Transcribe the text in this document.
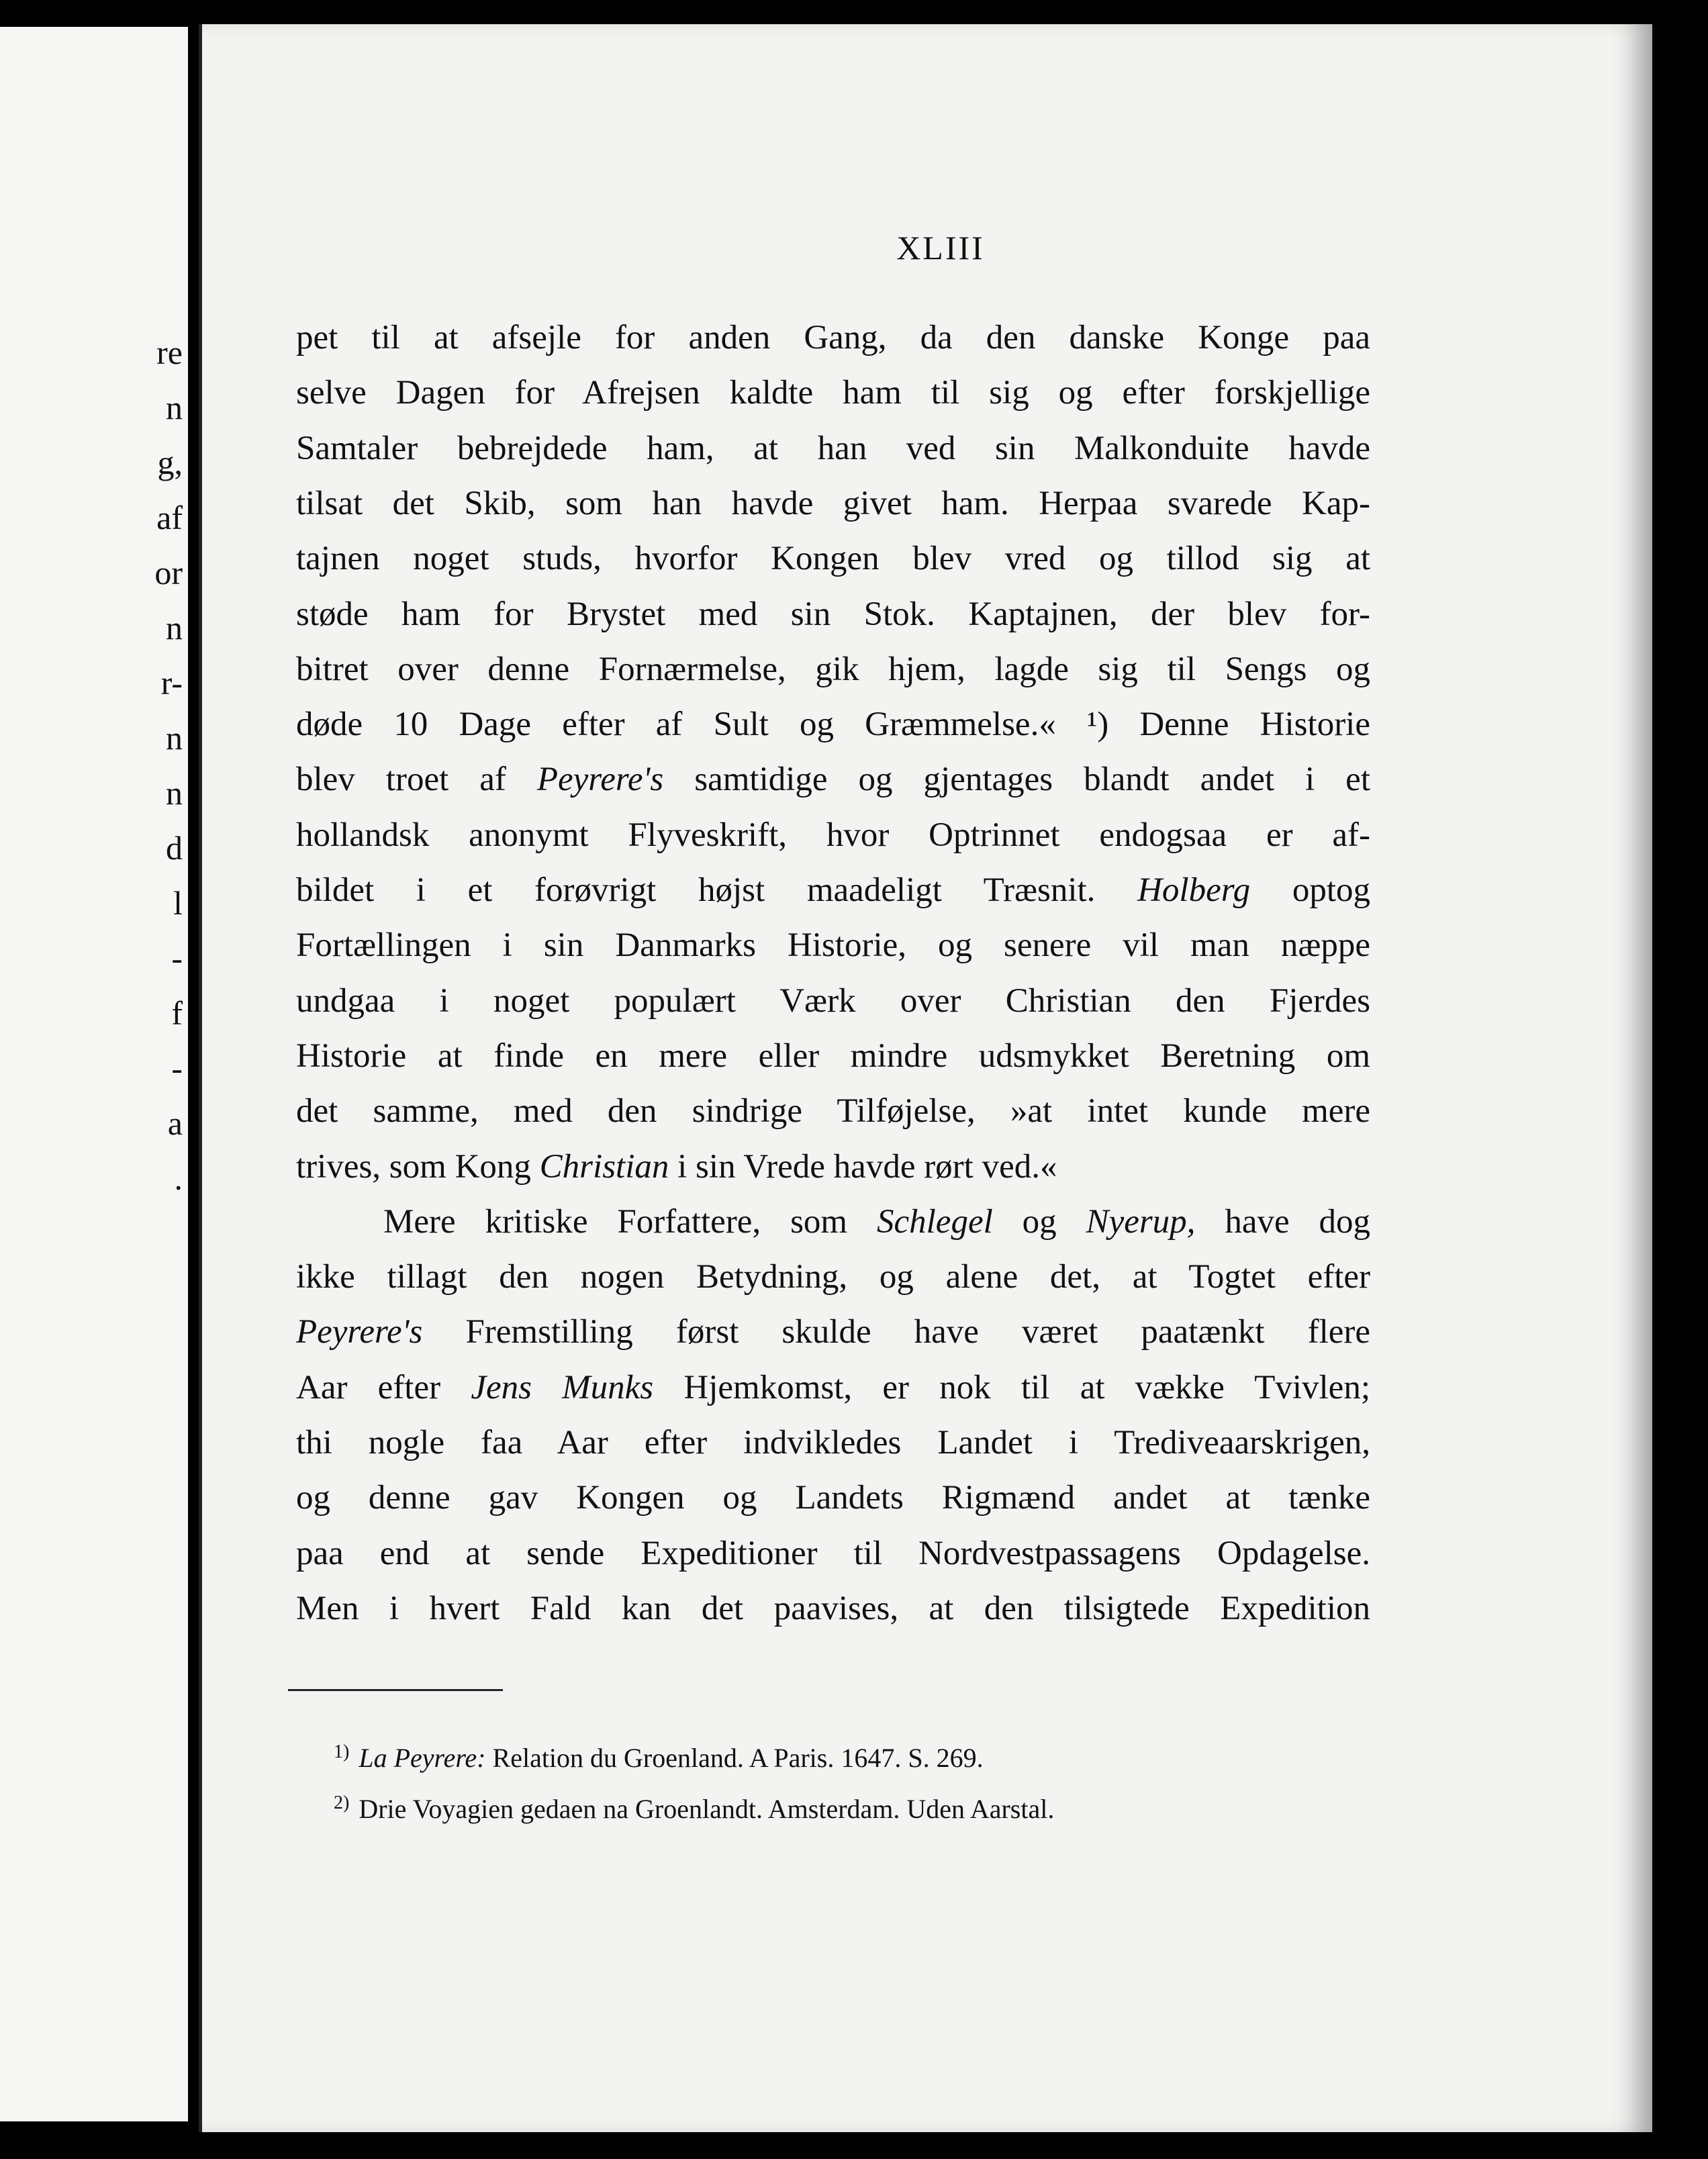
re
n
g,
af
or
n
r-
n
n
d
l
-
f
-
a
.
XLIII
pet til at afsejle for anden Gang, da den danske Konge paa
selve Dagen for Afrejsen kaldte ham til sig og efter forskjellige
Samtaler bebrejdede ham, at han ved sin Malkonduite havde
tilsat det Skib, som han havde givet ham. Herpaa svarede Kap-
tajnen noget studs, hvorfor Kongen blev vred og tillod sig at
støde ham for Brystet med sin Stok. Kaptajnen, der blev for-
bitret over denne Fornærmelse, gik hjem, lagde sig til Sengs og
døde 10 Dage efter af Sult og Græmmelse.« ¹) Denne Historie
blev troet af Peyrere's samtidige og gjentages blandt andet i et
hollandsk anonymt Flyveskrift, hvor Optrinnet endogsaa er af-
bildet i et forøvrigt højst maadeligt Træsnit. Holberg optog
Fortællingen i sin Danmarks Historie, og senere vil man næppe
undgaa i noget populært Værk over Christian den Fjerdes
Historie at finde en mere eller mindre udsmykket Beretning om
det samme, med den sindrige Tilføjelse, »at intet kunde mere
trives, som Kong Christian i sin Vrede havde rørt ved.«
Mere kritiske Forfattere, som Schlegel og Nyerup, have dog
ikke tillagt den nogen Betydning, og alene det, at Togtet efter
Peyrere's Fremstilling først skulde have været paatænkt flere
Aar efter Jens Munks Hjemkomst, er nok til at vække Tvivlen;
thi nogle faa Aar efter indvikledes Landet i Trediveaarskrigen,
og denne gav Kongen og Landets Rigmænd andet at tænke
paa end at sende Expeditioner til Nordvestpassagens Opdagelse.
Men i hvert Fald kan det paavises, at den tilsigtede Expedition
$^{1)}$ La Peyrere: Relation du Groenland. A Paris. 1647. S. 269.
$^{2)}$ Drie Voyagien gedaen na Groenlandt. Amsterdam. Uden Aarstal.
